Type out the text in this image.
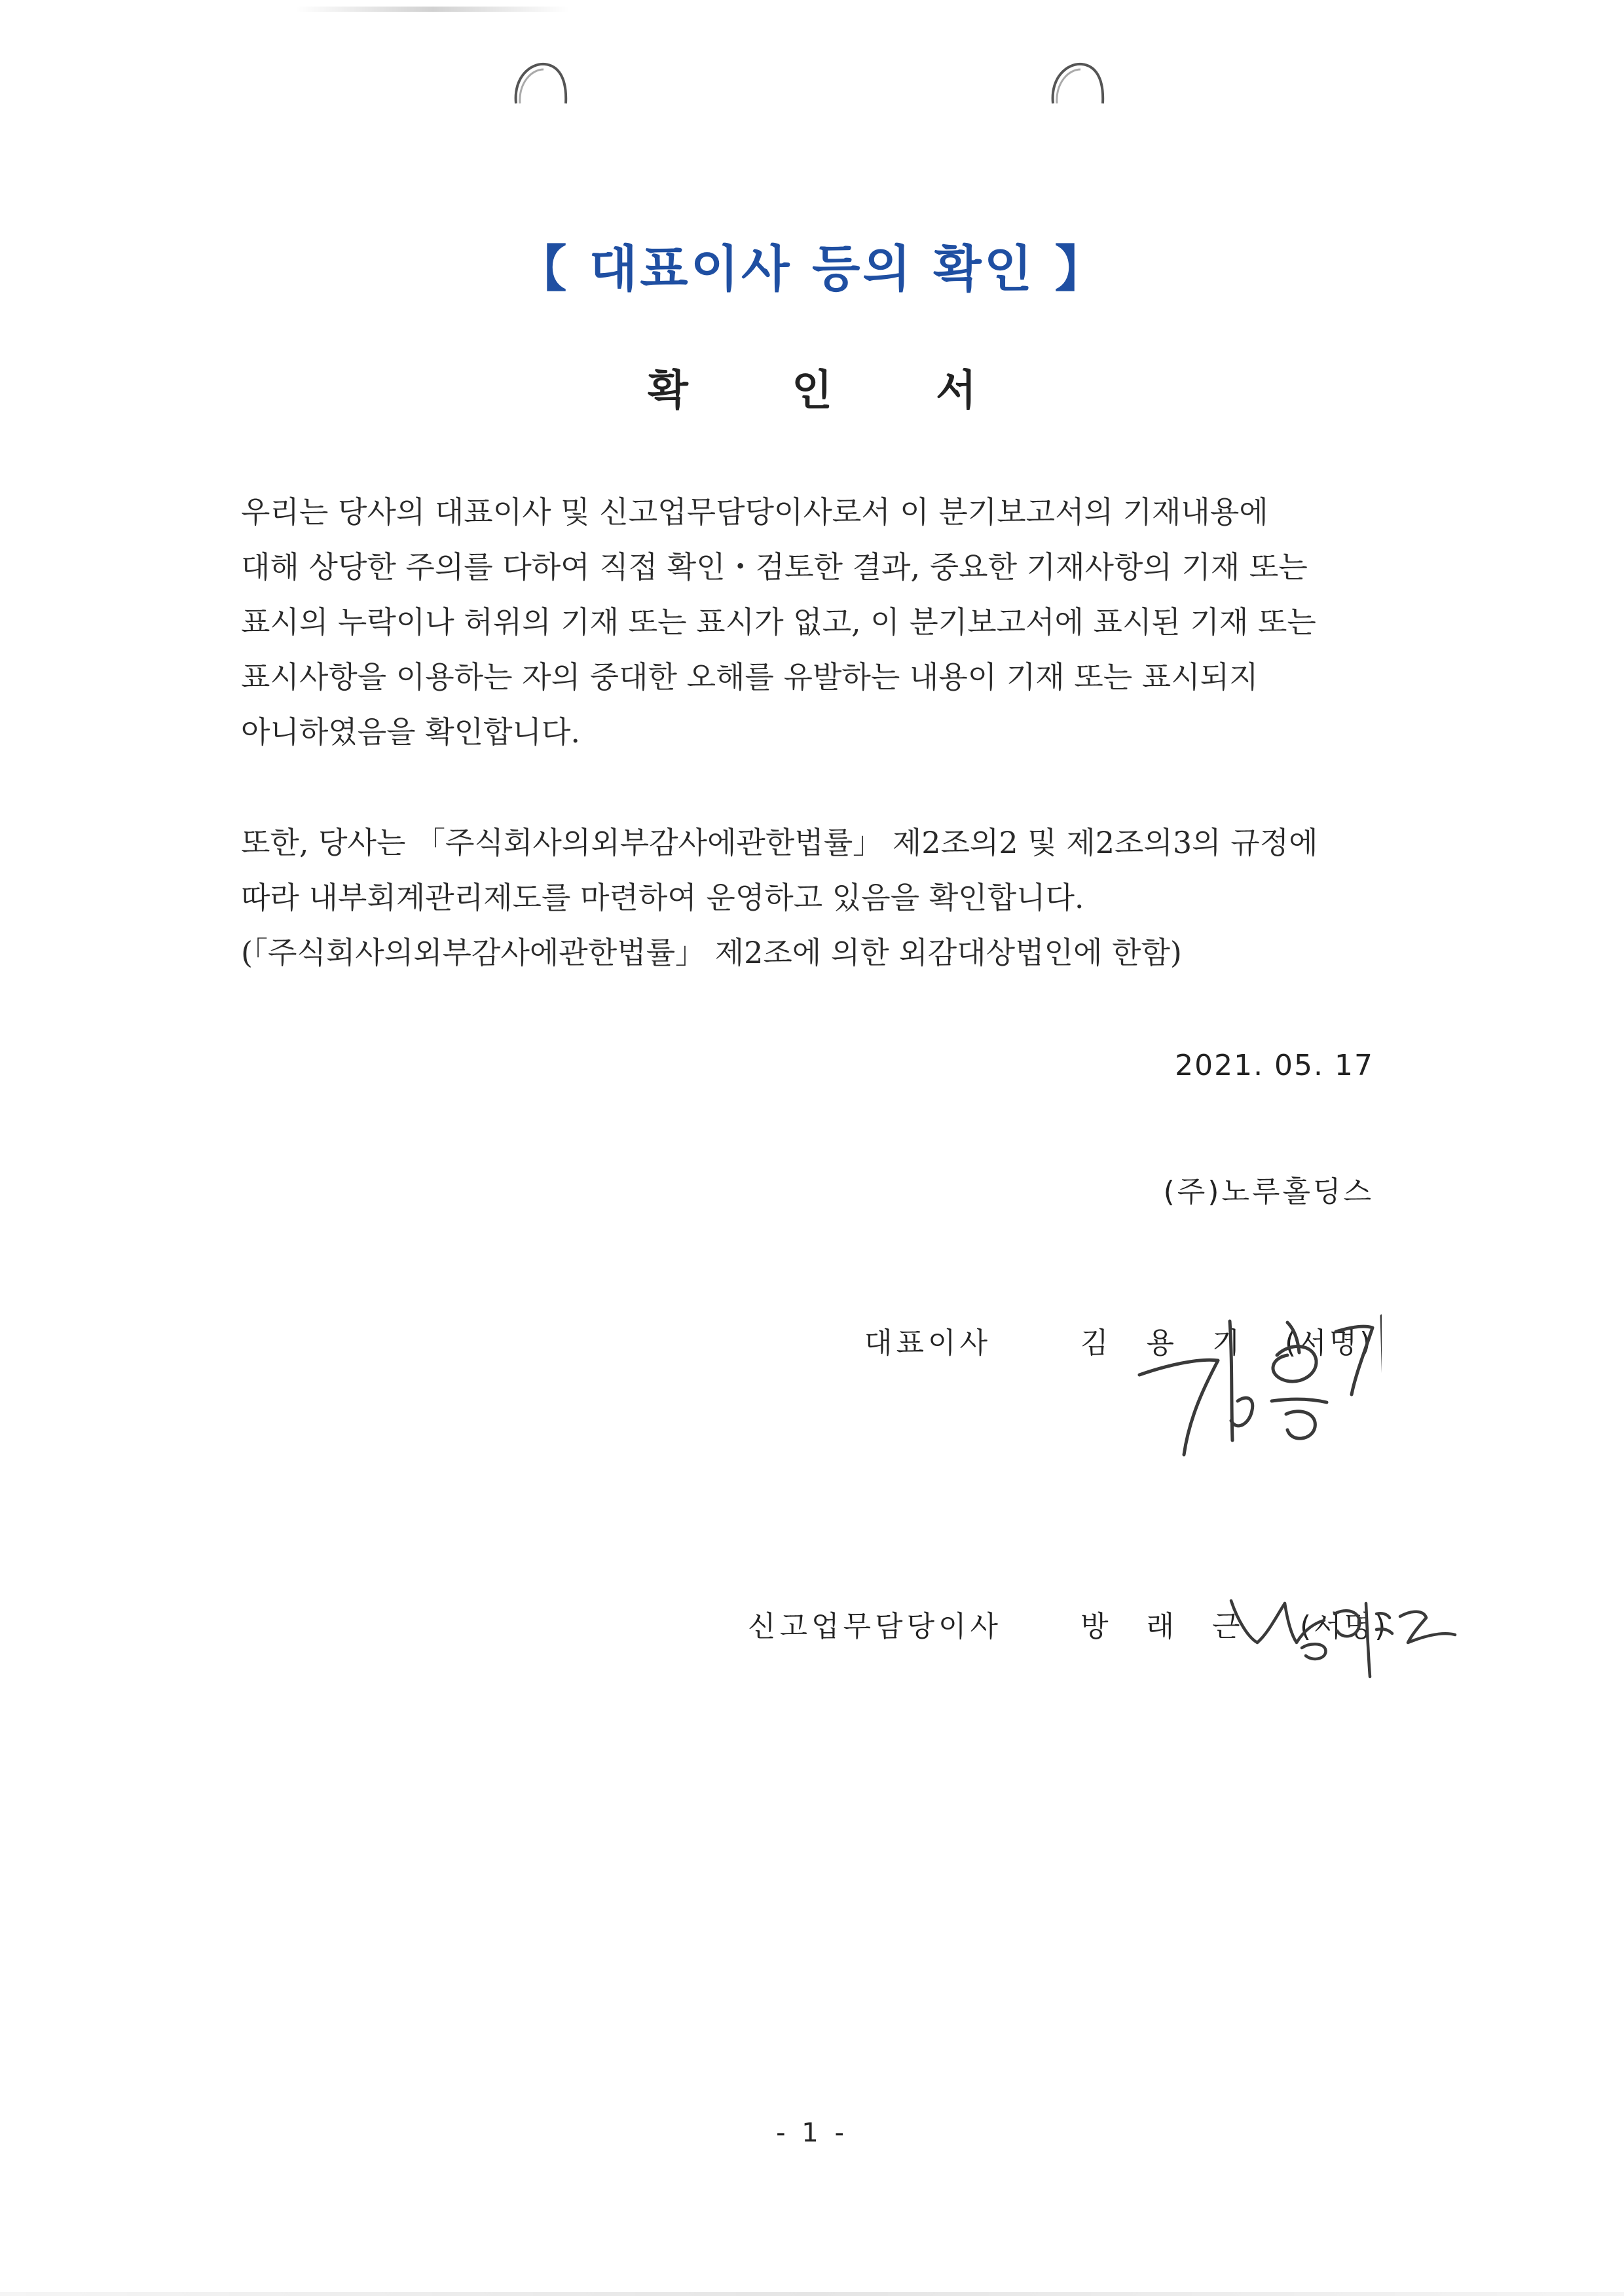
【 대표이사 등의 확인 】
확 인 서
우리는 당사의 대표이사 및 신고업무담당이사로서 이 분기보고서의 기재내용에
대해 상당한 주의를 다하여 직접 확인・검토한 결과, 중요한 기재사항의 기재 또는
표시의 누락이나 허위의 기재 또는 표시가 없고, 이 분기보고서에 표시된 기재 또는
표시사항을 이용하는 자의 중대한 오해를 유발하는 내용이 기재 또는 표시되지
아니하였음을 확인합니다.
또한, 당사는 「주식회사의외부감사에관한법률」 제2조의2 및 제2조의3의 규정에
따라 내부회계관리제도를 마련하여 운영하고 있음을 확인합니다.
(「주식회사의외부감사에관한법률」 제2조에 의한 외감대상법인에 한함)
2021. 05. 17
(주)노루홀딩스
대표이사	김 용 기 (서명)
신고업무담당이사	방 래 근 (서명)
- 1 -
